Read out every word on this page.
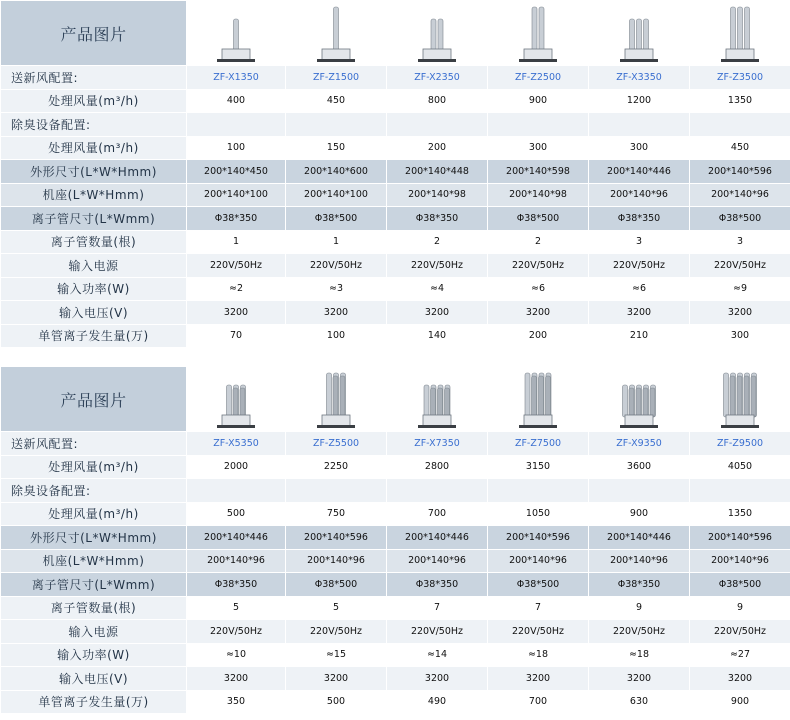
产品图片	

送新风配置:	ZF-X1350	ZF-Z1500	ZF-X2350	ZF-Z2500	ZF-X3350	ZF-Z3500
处理风量(m³/h)	400	450	800	900	1200	1350
除臭设备配置:						
处理风量(m³/h)	100	150	200	300	300	450
外形尺寸(L*W*Hmm)	200*140*450	200*140*600	200*140*448	200*140*598	200*140*446	200*140*596
机座(L*W*Hmm)	200*140*100	200*140*100	200*140*98	200*140*98	200*140*96	200*140*96
离子管尺寸(L*Wmm)	Φ38*350	Φ38*500	Φ38*350	Φ38*500	Φ38*350	Φ38*500
离子管数量(根)	1	1	2	2	3	3
输入电源	220V/50Hz	220V/50Hz	220V/50Hz	220V/50Hz	220V/50Hz	220V/50Hz
输入功率(W)	≈2	≈3	≈4	≈6	≈6	≈9
输入电压(V)	3200	3200	3200	3200	3200	3200
单管离子发生量(万)	70	100	140	200	210	300
产品图片	

送新风配置:	ZF-X5350	ZF-Z5500	ZF-X7350	ZF-Z7500	ZF-X9350	ZF-Z9500
处理风量(m³/h)	2000	2250	2800	3150	3600	4050
除臭设备配置:						
处理风量(m³/h)	500	750	700	1050	900	1350
外形尺寸(L*W*Hmm)	200*140*446	200*140*596	200*140*446	200*140*596	200*140*446	200*140*596
机座(L*W*Hmm)	200*140*96	200*140*96	200*140*96	200*140*96	200*140*96	200*140*96
离子管尺寸(L*Wmm)	Φ38*350	Φ38*500	Φ38*350	Φ38*500	Φ38*350	Φ38*500
离子管数量(根)	5	5	7	7	9	9
输入电源	220V/50Hz	220V/50Hz	220V/50Hz	220V/50Hz	220V/50Hz	220V/50Hz
输入功率(W)	≈10	≈15	≈14	≈18	≈18	≈27
输入电压(V)	3200	3200	3200	3200	3200	3200
单管离子发生量(万)	350	500	490	700	630	900
